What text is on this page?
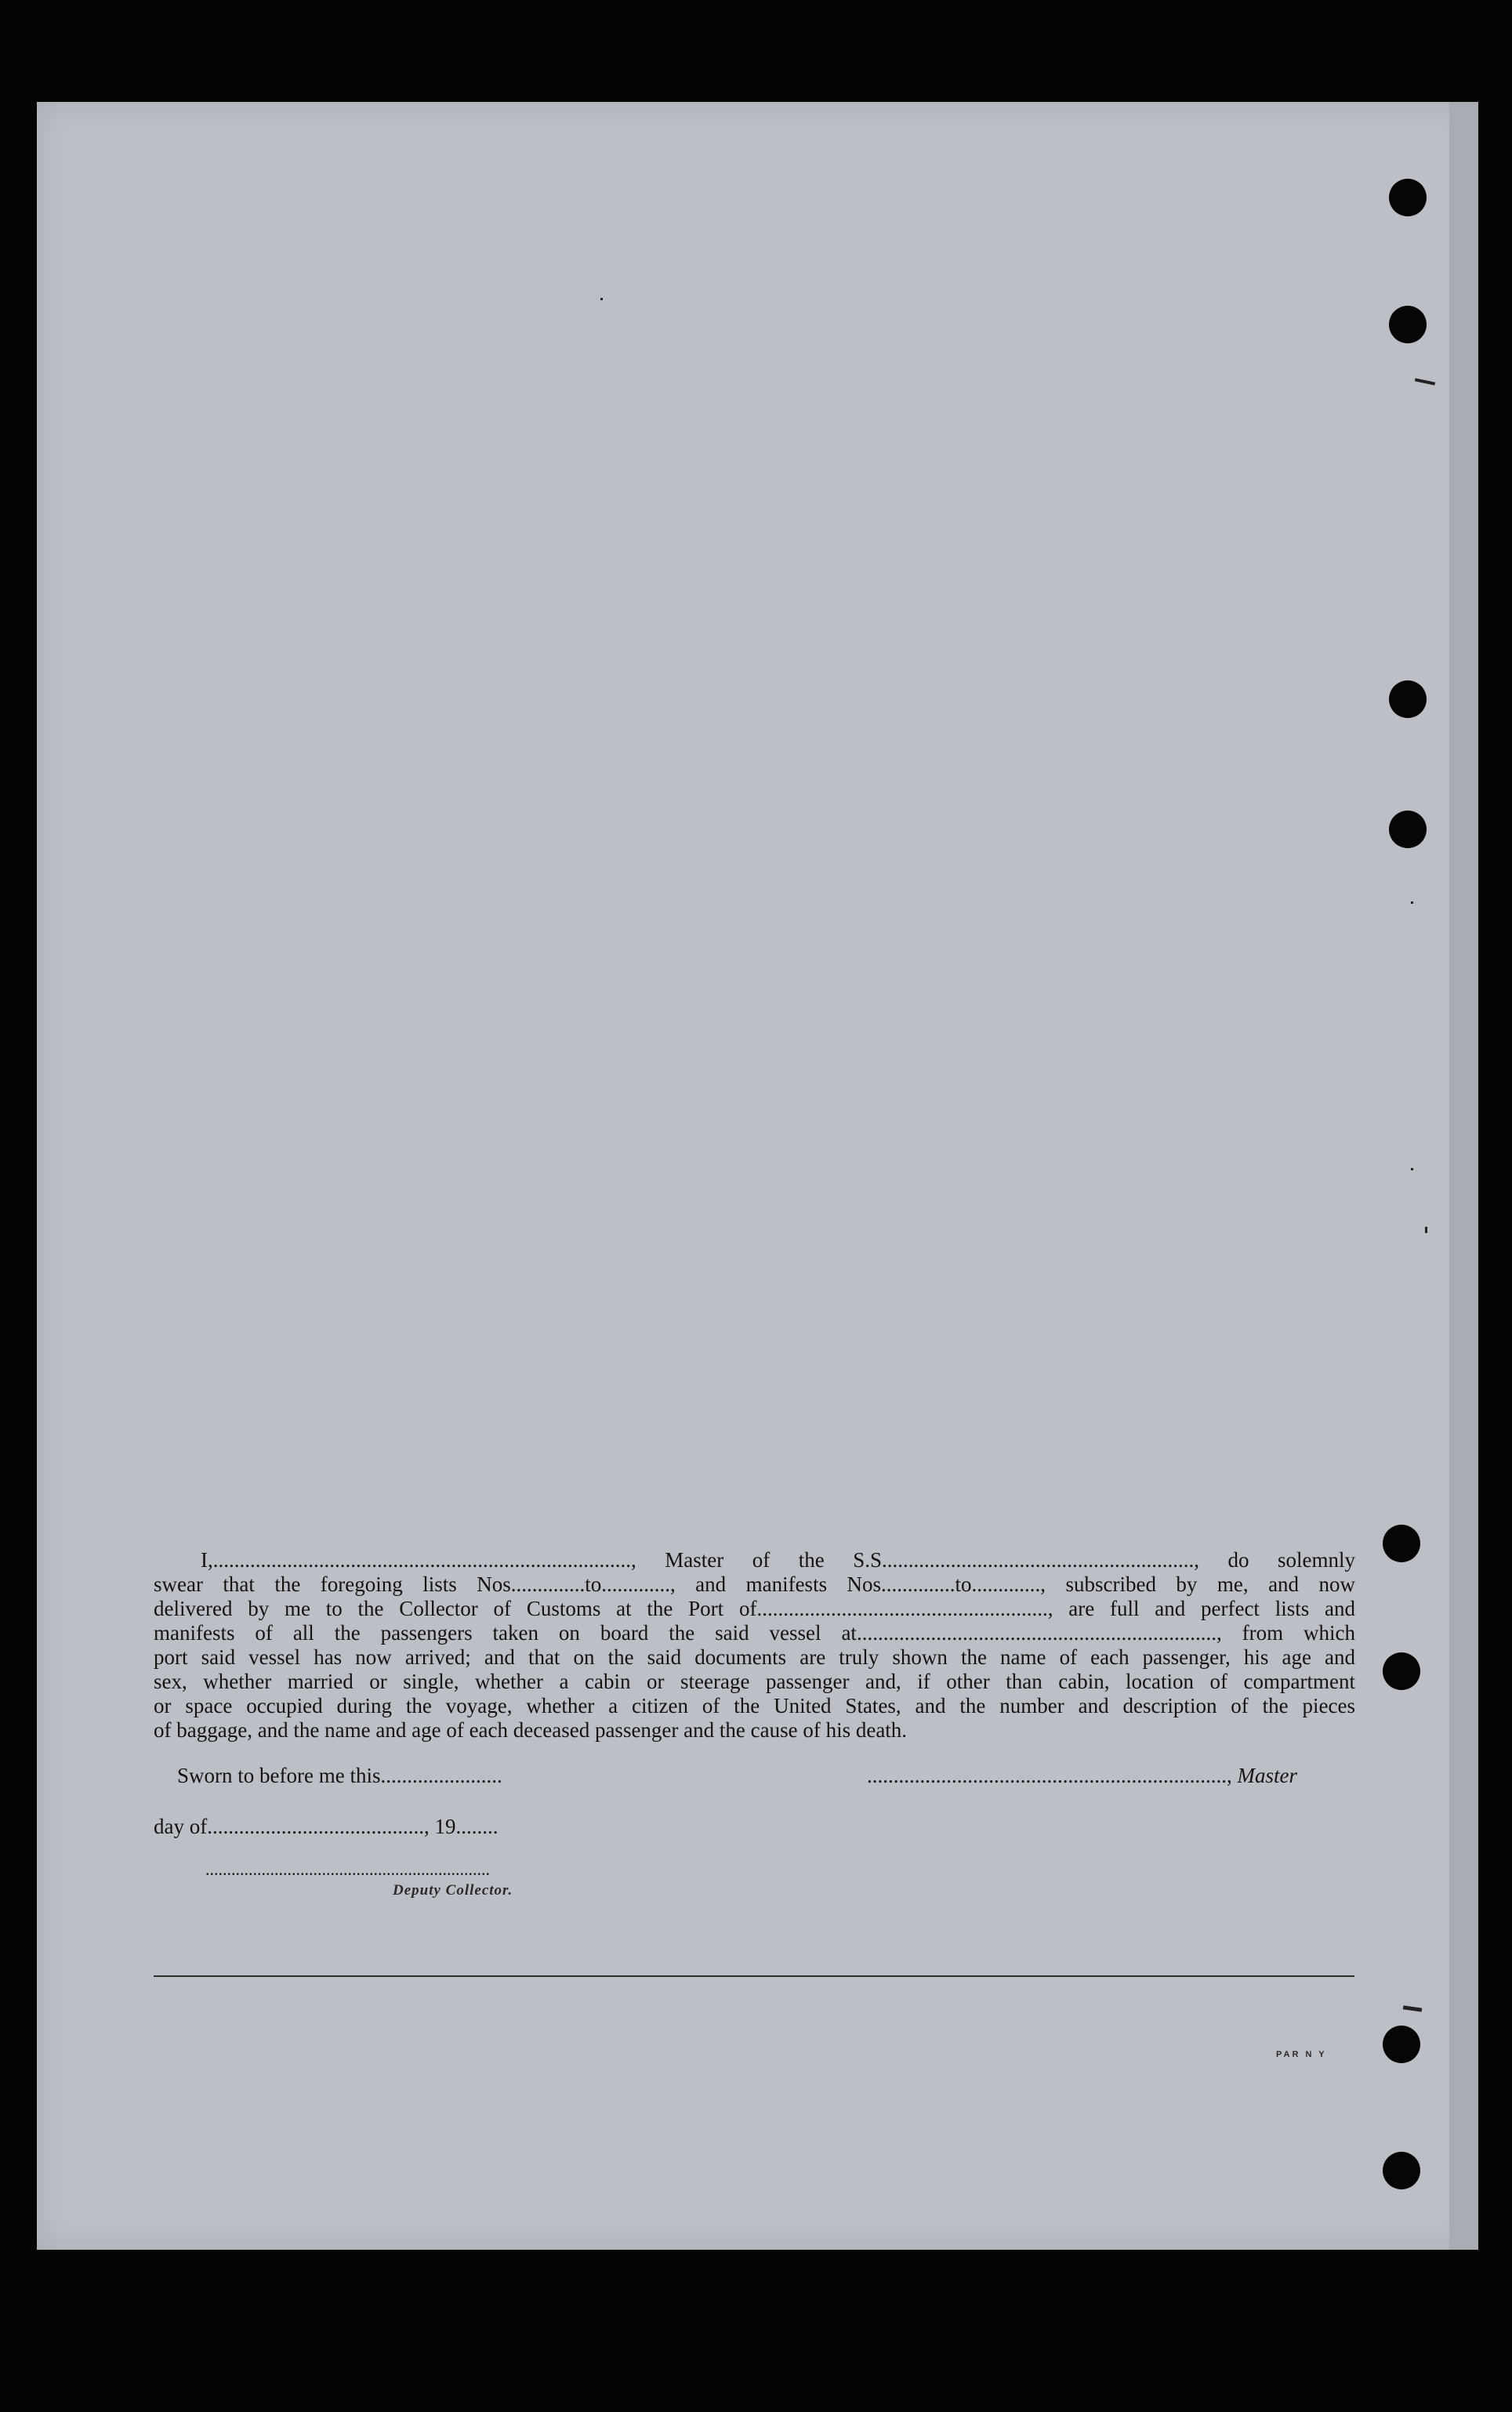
I,..............................................................................., Master of the S.S..........................................................., do solemnly
swear that the foregoing lists Nos..............to............., and manifests Nos..............to............., subscribed by me, and now
delivered by me to the Collector of Customs at the Port of......................................................., are full and perfect lists and
manifests of all the passengers taken on board the said vessel at...................................................................., from which
port said vessel has now arrived; and that on the said documents are truly shown the name of each passenger, his age and
sex, whether married or single, whether a cabin or steerage passenger and, if other than cabin, location of compartment
or space occupied during the voyage, whether a citizen of the United States, and the number and description of the pieces
of baggage, and the name and age of each deceased passenger and the cause of his death.
Sworn to before me this.......................	...................................................................., Master
day of........................................., 19........
..................................................................
Deputy Collector.
PAR N Y
